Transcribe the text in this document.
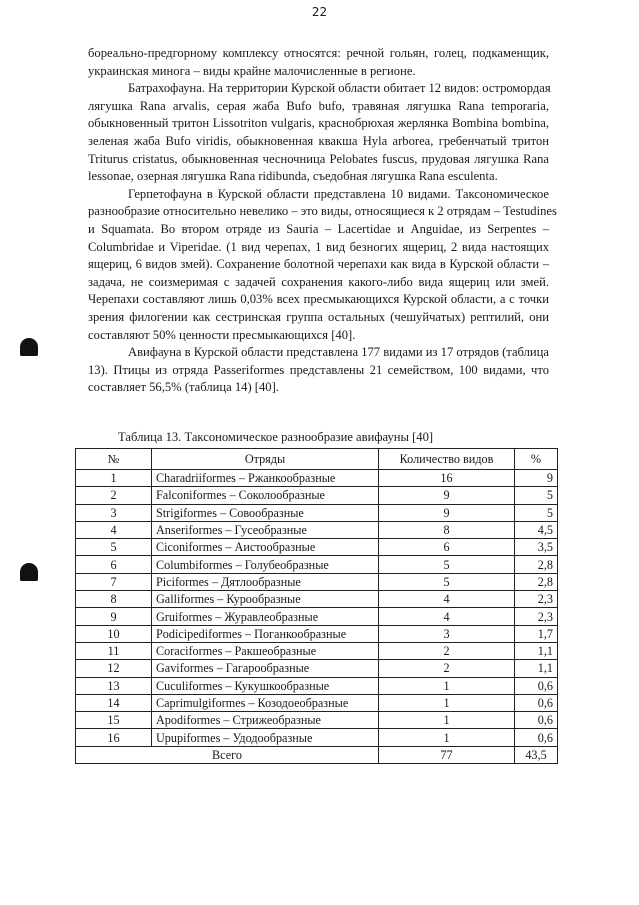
22
бореально-предгорному комплексу относятся: речной гольян, голец, подкаменщик,
украинская минога – виды крайне малочисленные в регионе.
Батрахофауна. На территории Курской области обитает 12 видов: остромордая
лягушка Rana arvalis, серая жаба Bufo bufo, травяная лягушка Rana temporaria,
обыкновенный тритон Lissotriton vulgaris, краснобрюхая жерлянка Bombina bombina,
зеленая жаба Bufo viridis, обыкновенная квакша Hyla arborea, гребенчатый тритон
Triturus cristatus, обыкновенная чесночница Pelobates fuscus, прудовая лягушка Rana
lessonae, озерная лягушка Rana ridibunda, съедобная лягушка Rana esculenta.
Герпетофауна в Курской области представлена 10 видами. Таксономическое
разнообразие относительно невелико – это виды, относящиеся к 2 отрядам – Testudines
и Squamata. Во втором отряде из Sauria – Lacertidae и Anguidae, из Serpentes –
Columbridae и Viperidae. (1 вид черепах, 1 вид безногих ящериц, 2 вида настоящих
ящериц, 6 видов змей). Сохранение болотной черепахи как вида в Курской области –
задача, не соизмеримая с задачей сохранения какого-либо вида ящериц или змей.
Черепахи составляют лишь 0,03% всех пресмыкающихся Курской области, а с точки
зрения филогении как сестринская группа остальных (чешуйчатых) рептилий, они
составляют 50% ценности пресмыкающихся [40].
Авифауна в Курской области представлена 177 видами из 17 отрядов (таблица
13). Птицы из отряда Passeriformes представлены 21 семейством, 100 видами, что
составляет 56,5% (таблица 14) [40].
Таблица 13. Таксономическое разнообразие авифауны [40]
№	Отряды	Количество видов	%
1	Charadriiformes – Ржанкообразные	16	9
2	Falconiformes – Соколообразные	9	5
3	Strigiformes – Совообразные	9	5
4	Anseriformes – Гусеобразные	8	4,5
5	Ciconiformes – Аистообразные	6	3,5
6	Columbiformes – Голубеобразные	5	2,8
7	Piciformes – Дятлообразные	5	2,8
8	Galliformes – Курообразные	4	2,3
9	Gruiformes – Журавлеобразные	4	2,3
10	Podicipediformes – Поганкообразные	3	1,7
11	Coraciformes – Ракшеобразные	2	1,1
12	Gaviformes – Гагарообразные	2	1,1
13	Cuculiformes – Кукушкообразные	1	0,6
14	Caprimulgiformes – Козодоеобразные	1	0,6
15	Apodiformes – Стрижеобразные	1	0,6
16	Upupiformes – Удодообразные	1	0,6
Всего		77	43,5
